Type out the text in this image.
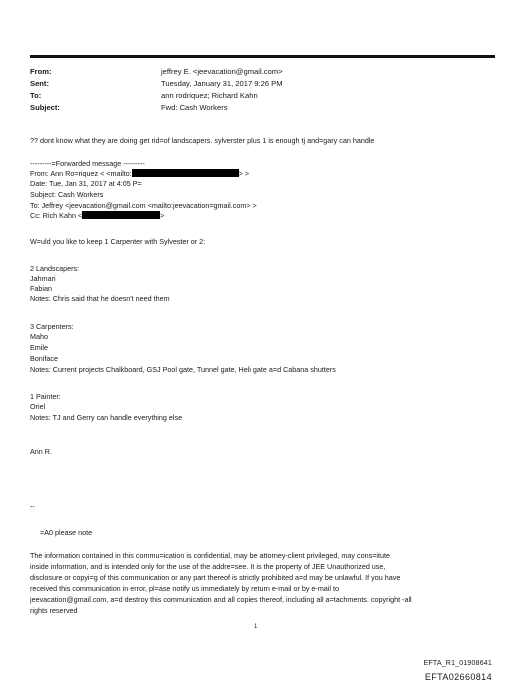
From:	jeffrey E. <jeevacation@gmail.com>
Sent:	Tuesday, January 31, 2017 9:26 PM
To:	ann rodriquez; Richard Kahn
Subject:	Fwd: Cash Workers
?? dont know what they are doing get rid=of landscapers. sylverster plus 1 is enough tj and=gary can handle
---------=Forwarded message ---------
From: Ann Ro=riquez < <mailto:	> >
Date: Tue, Jan 31, 2017 at 4:05 P=
Subject: Cash Workers
To: Jeffrey <jeevacation@gmail.com <mailto:jeevacation=gmail.com> >
Cc: Rich Kahn <	>
W=uld you like to keep 1 Carpenter with Sylvester or 2:
2 Landscapers:
Jahmari
Fabian
Notes: Chris said that he doesn't need them
3 Carpenters:
Maho
Emile
Boniface
Notes: Current projects Chalkboard, GSJ Pool gate, Tunnel gate, Heli gate a=d Cabana shutters
1 Painter:
Oriel
Notes: TJ and Gerry can handle everything else
Ann R.
--
=A0 please note
The information contained in this commu=ication is confidential, may be attorney-client privileged, may cons=itute
inside information, and is intended only for the use of the addre=see. It is the property of JEE Unauthorized use,
disclosure or copyi=g of this communication or any part thereof is strictly prohibited a=d may be unlawful. If you have
received this communication in error, pl=ase notify us immediately by return e-mail or by e-mail to
jeevacation@gmail.com, a=d destroy this communication and all copies thereof, including all a=tachments. copyright -all
rights reserved
1
EFTA_R1_01908641
EFTA02660814
